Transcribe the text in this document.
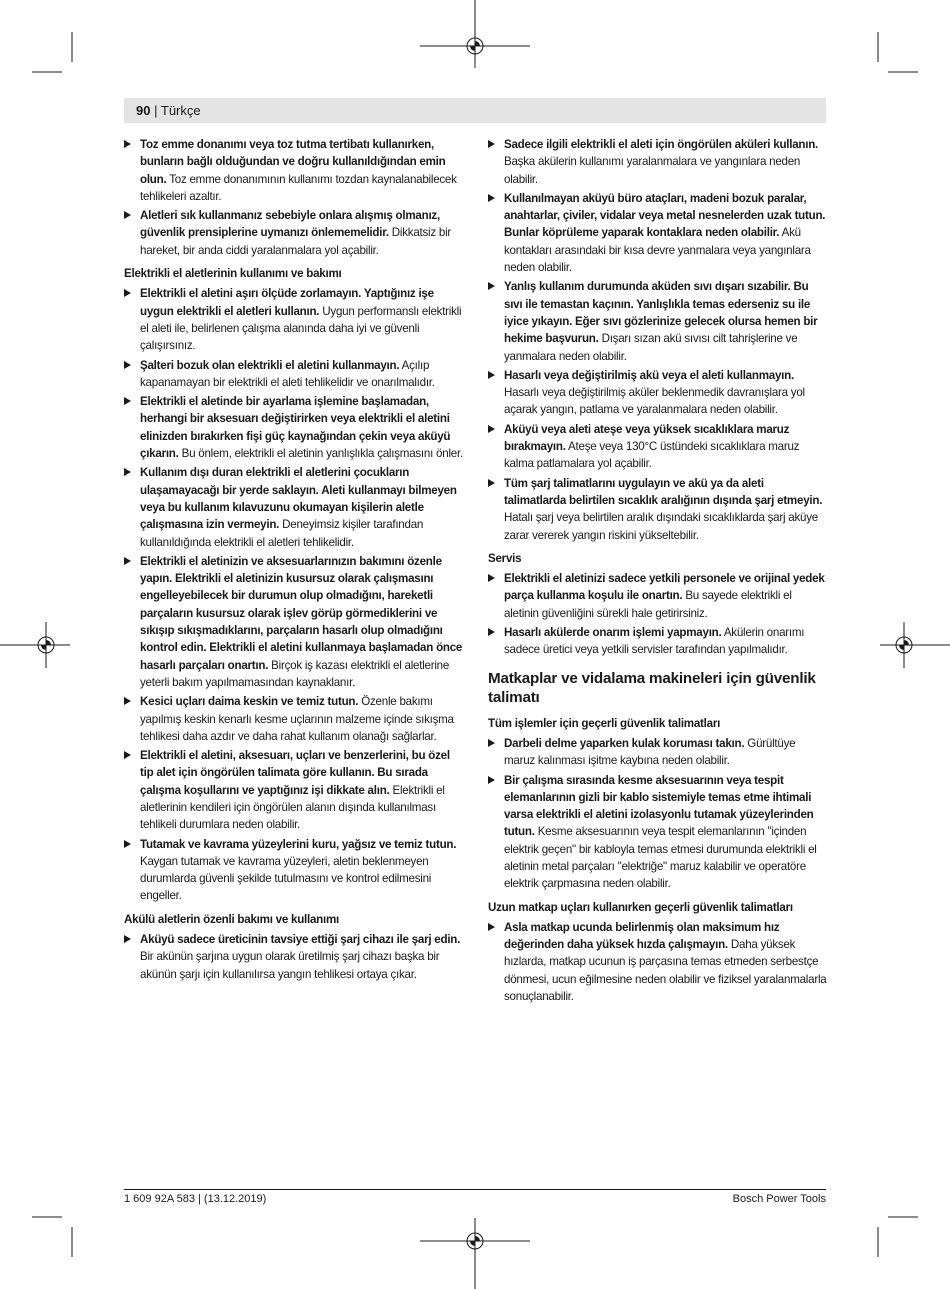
90 | Türkçe
Toz emme donanımı veya toz tutma tertibatı kullanırken, bunların bağlı olduğundan ve doğru kullanıldığından emin olun. Toz emme donanımının kullanımı tozdan kaynalanabilecek tehlikeleri azaltır.
Aletleri sık kullanmanız sebebiyle onlara alışmış olmanız, güvenlik prensiplerine uymanızı önlememelidir. Dikkatsiz bir hareket, bir anda ciddi yaralanmalara yol açabilir.
Elektrikli el aletlerinin kullanımı ve bakımı
Elektrikli el aletini aşırı ölçüde zorlamayın. Yaptığınız işe uygun elektrikli el aletleri kullanın. Uygun performanslı elektrikli el aleti ile, belirlenen çalışma alanında daha iyi ve güvenli çalışırsınız.
Şalteri bozuk olan elektrikli el aletini kullanmayın. Açılıp kapanamayan bir elektrikli el aleti tehlikelidir ve onarılmalıdır.
Elektrikli el aletinde bir ayarlama işlemine başlamadan, herhangi bir aksesuarı değiştirirken veya elektrikli el aletini elinizden bırakırken fişi güç kaynağından çekin veya aküyü çıkarın. Bu önlem, elektrikli el aletinin yanlışlıkla çalışmasını önler.
Kullanım dışı duran elektrikli el aletlerini çocukların ulaşamayacağı bir yerde saklayın. Aleti kullanmayı bilmeyen veya bu kullanım kılavuzunu okumayan kişilerin aletle çalışmasına izin vermeyin. Deneyimsiz kişiler tarafından kullanıldığında elektrikli el aletleri tehlikelidir.
Elektrikli el aletinizin ve aksesuarlarınızın bakımını özenle yapın. Elektrikli el aletinizin kusursuz olarak çalışmasını engelleyebilecek bir durumun olup olmadığını, hareketli parçaların kusursuz olarak işlev görüp görmediklerini ve sıkışıp sıkışmadıklarını, parçaların hasarlı olup olmadığını kontrol edin. Elektrikli el aletini kullanmaya başlamadan önce hasarlı parçaları onartın. Birçok iş kazası elektrikli el aletlerine yeterli bakım yapılmamasından kaynaklanır.
Kesici uçları daima keskin ve temiz tutun. Özenle bakımı yapılmış keskin kenarlı kesme uçlarının malzeme içinde sıkışma tehlikesi daha azdır ve daha rahat kullanım olanağı sağlarlar.
Elektrikli el aletini, aksesuarı, uçları ve benzerlerini, bu özel tip alet için öngörülen talimata göre kullanın. Bu sırada çalışma koşullarını ve yaptığınız işi dikkate alın. Elektrikli el aletlerinin kendileri için öngörülen alanın dışında kullanılması tehlikeli durumlara neden olabilir.
Tutamak ve kavrama yüzeylerini kuru, yağsız ve temiz tutun. Kaygan tutamak ve kavrama yüzeyleri, aletin beklenmeyen durumlarda güvenli şekilde tutulmasını ve kontrol edilmesini engeller.
Akülü aletlerin özenli bakımı ve kullanımı
Aküyü sadece üreticinin tavsiye ettiği şarj cihazı ile şarj edin. Bir akünün şarjına uygun olarak üretilmiş şarj cihazı başka bir akünün şarjı için kullanılırsa yangın tehlikesi ortaya çıkar.
Sadece ilgili elektrikli el aleti için öngörülen aküleri kullanın. Başka akülerin kullanımı yaralanmalara ve yangınlara neden olabilir.
Kullanılmayan aküyü büro ataçları, madeni bozuk paralar, anahtarlar, çiviler, vidalar veya metal nesnelerden uzak tutun. Bunlar köprüleme yaparak kontaklara neden olabilir. Akü kontakları arasındaki bir kısa devre yanmalara veya yangınlara neden olabilir.
Yanlış kullanım durumunda aküden sıvı dışarı sızabilir. Bu sıvı ile temastan kaçının. Yanlışlıkla temas ederseniz su ile iyice yıkayın. Eğer sıvı gözlerinize gelecek olursa hemen bir hekime başvurun. Dışarı sızan akü sıvısı cilt tahrişlerine ve yanmalara neden olabilir.
Hasarlı veya değiştirilmiş akü veya el aleti kullanmayın. Hasarlı veya değiştirilmiş aküler beklenmedik davranışlara yol açarak yangın, patlama ve yaralanmalara neden olabilir.
Aküyü veya aleti ateşe veya yüksek sıcaklıklara maruz bırakmayın. Ateşe veya 130°C üstündeki sıcaklıklara maruz kalma patlamalara yol açabilir.
Tüm şarj talimatlarını uygulayın ve akü ya da aleti talimatlarda belirtilen sıcaklık aralığının dışında şarj etmeyin. Hatalı şarj veya belirtilen aralık dışındaki sıcaklıklarda şarj aküye zarar vererek yangın riskini yükseltebilir.
Servis
Elektrikli el aletinizi sadece yetkili personele ve orijinal yedek parça kullanma koşulu ile onartın. Bu sayede elektrikli el aletinin güvenliğini sürekli hale getirirsiniz.
Hasarlı akülerde onarım işlemi yapmayın. Akülerin onarımı sadece üretici veya yetkili servisler tarafından yapılmalıdır.
Matkaplar ve vidalama makineleri için güvenlik talimatı
Tüm işlemler için geçerli güvenlik talimatları
Darbeli delme yaparken kulak koruması takın. Gürültüye maruz kalınması işitme kaybına neden olabilir.
Bir çalışma sırasında kesme aksesuarının veya tespit elemanlarının gizli bir kablo sistemiyle temas etme ihtimali varsa elektrikli el aletini izolasyonlu tutamak yüzeylerinden tutun. Kesme aksesuarının veya tespit elemanlarının "içinden elektrik geçen" bir kabloyla temas etmesi durumunda elektrikli el aletinin metal parçaları "elektriğe" maruz kalabilir ve operatöre elektrik çarpmasına neden olabilir.
Uzun matkap uçları kullanırken geçerli güvenlik talimatları
Asla matkap ucunda belirlenmiş olan maksimum hız değerinden daha yüksek hızda çalışmayın. Daha yüksek hızlarda, matkap ucunun iş parçasına temas etmeden serbestçe dönmesi, ucun eğilmesine neden olabilir ve fiziksel yaralanmalarla sonuçlanabilir.
1 609 92A 583 | (13.12.2019)	Bosch Power Tools
